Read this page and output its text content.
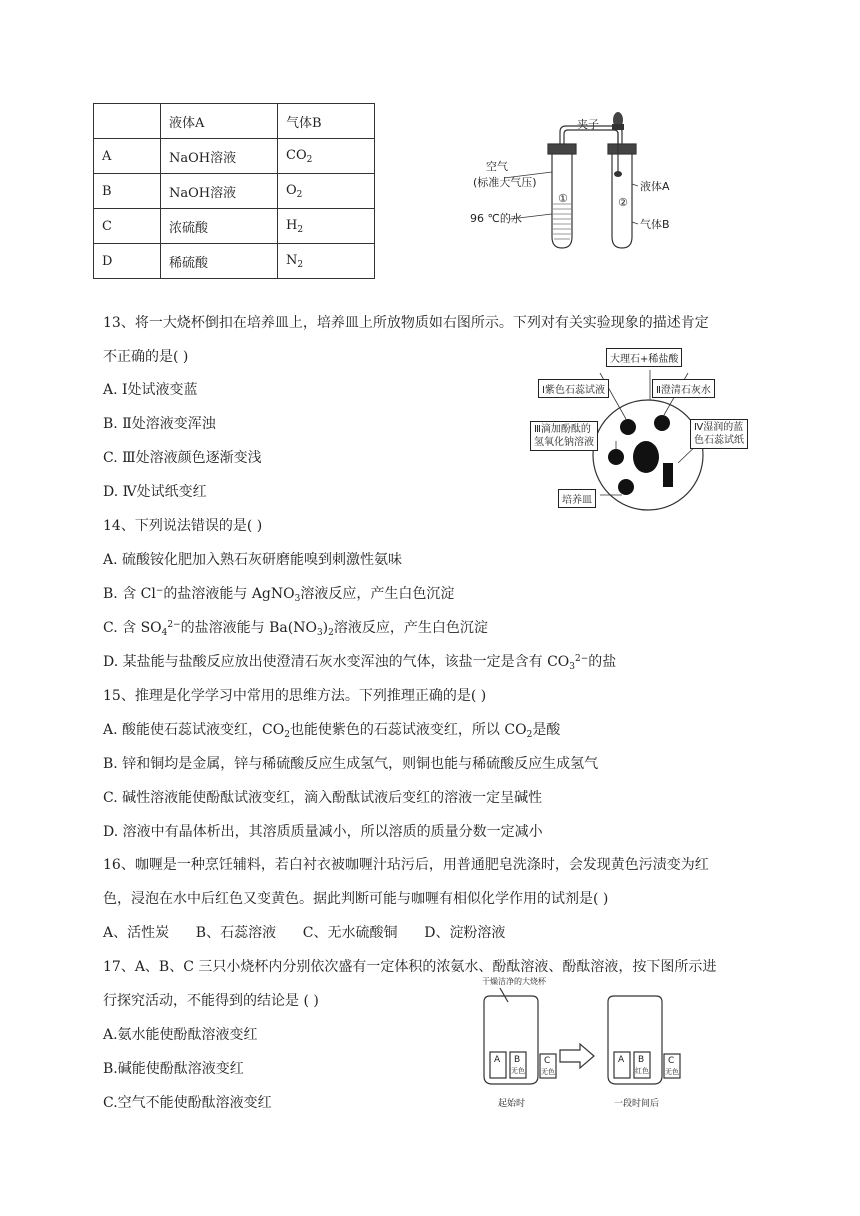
	液体A	气体B
A	NaOH溶液	$CO_2$
B	NaOH溶液	$O_2$
C	浓硫酸	$H_2$
D	稀硫酸	$N_2$
夹子
空气
(标准大气压)
①
96 ℃的水
液体A
②
气体B
13、将一大烧杯倒扣在培养皿上，培养皿上所放物质如右图所示。下列对有关实验现象的描述肯定
不正确的是( )
A. Ⅰ处试液变蓝
B. Ⅱ处溶液变浑浊
C. Ⅲ处溶液颜色逐渐变浅
D. Ⅳ处试纸变红
大理石+稀盐酸
Ⅰ紫色石蕊试液	Ⅱ澄清石灰水
Ⅲ滴加酚酞的
氢氧化钠溶液
Ⅳ湿润的蓝
色石蕊试纸
培养皿
14、下列说法错误的是( )
A. 硫酸铵化肥加入熟石灰研磨能嗅到刺激性氨味
B. 含 Cl−的盐溶液能与 AgNO$_3$溶液反应，产生白色沉淀
C. 含 $SO_4^{2-}$的盐溶液能与 $Ba(NO_3)_2$溶液反应，产生白色沉淀
D. 某盐能与盐酸反应放出使澄清石灰水变浑浊的气体，该盐一定是含有 $CO_3^{2-}$的盐
15、推理是化学学习中常用的思维方法。下列推理正确的是( )
A. 酸能使石蕊试液变红，$CO_2$也能使紫色的石蕊试液变红，所以 $CO_2$是酸
B. 锌和铜均是金属，锌与稀硫酸反应生成氢气，则铜也能与稀硫酸反应生成氢气
C. 碱性溶液能使酚酞试液变红，滴入酚酞试液后变红的溶液一定呈碱性
D. 溶液中有晶体析出，其溶质质量减小，所以溶质的质量分数一定减小
16、咖喱是一种烹饪辅料，若白衬衣被咖喱汁玷污后，用普通肥皂洗涤时，会发现黄色污渍变为红
色，浸泡在水中后红色又变黄色。据此判断可能与咖喱有相似化学作用的试剂是( )
A、活性炭      B、石蕊溶液      C、无水硫酸铜      D、淀粉溶液
17、A、B、C 三只小烧杯内分别依次盛有一定体积的浓氨水、酚酞溶液、酚酞溶液，按下图所示进
行探究活动，不能得到的结论是 ( )
A.氨水能使酚酞溶液变红
B.碱能使酚酞溶液变红
C.空气不能使酚酞溶液变红
干燥洁净的大烧杯
A B
无色
C
无色
A B
红色
C
无色
起始时	一段时间后
